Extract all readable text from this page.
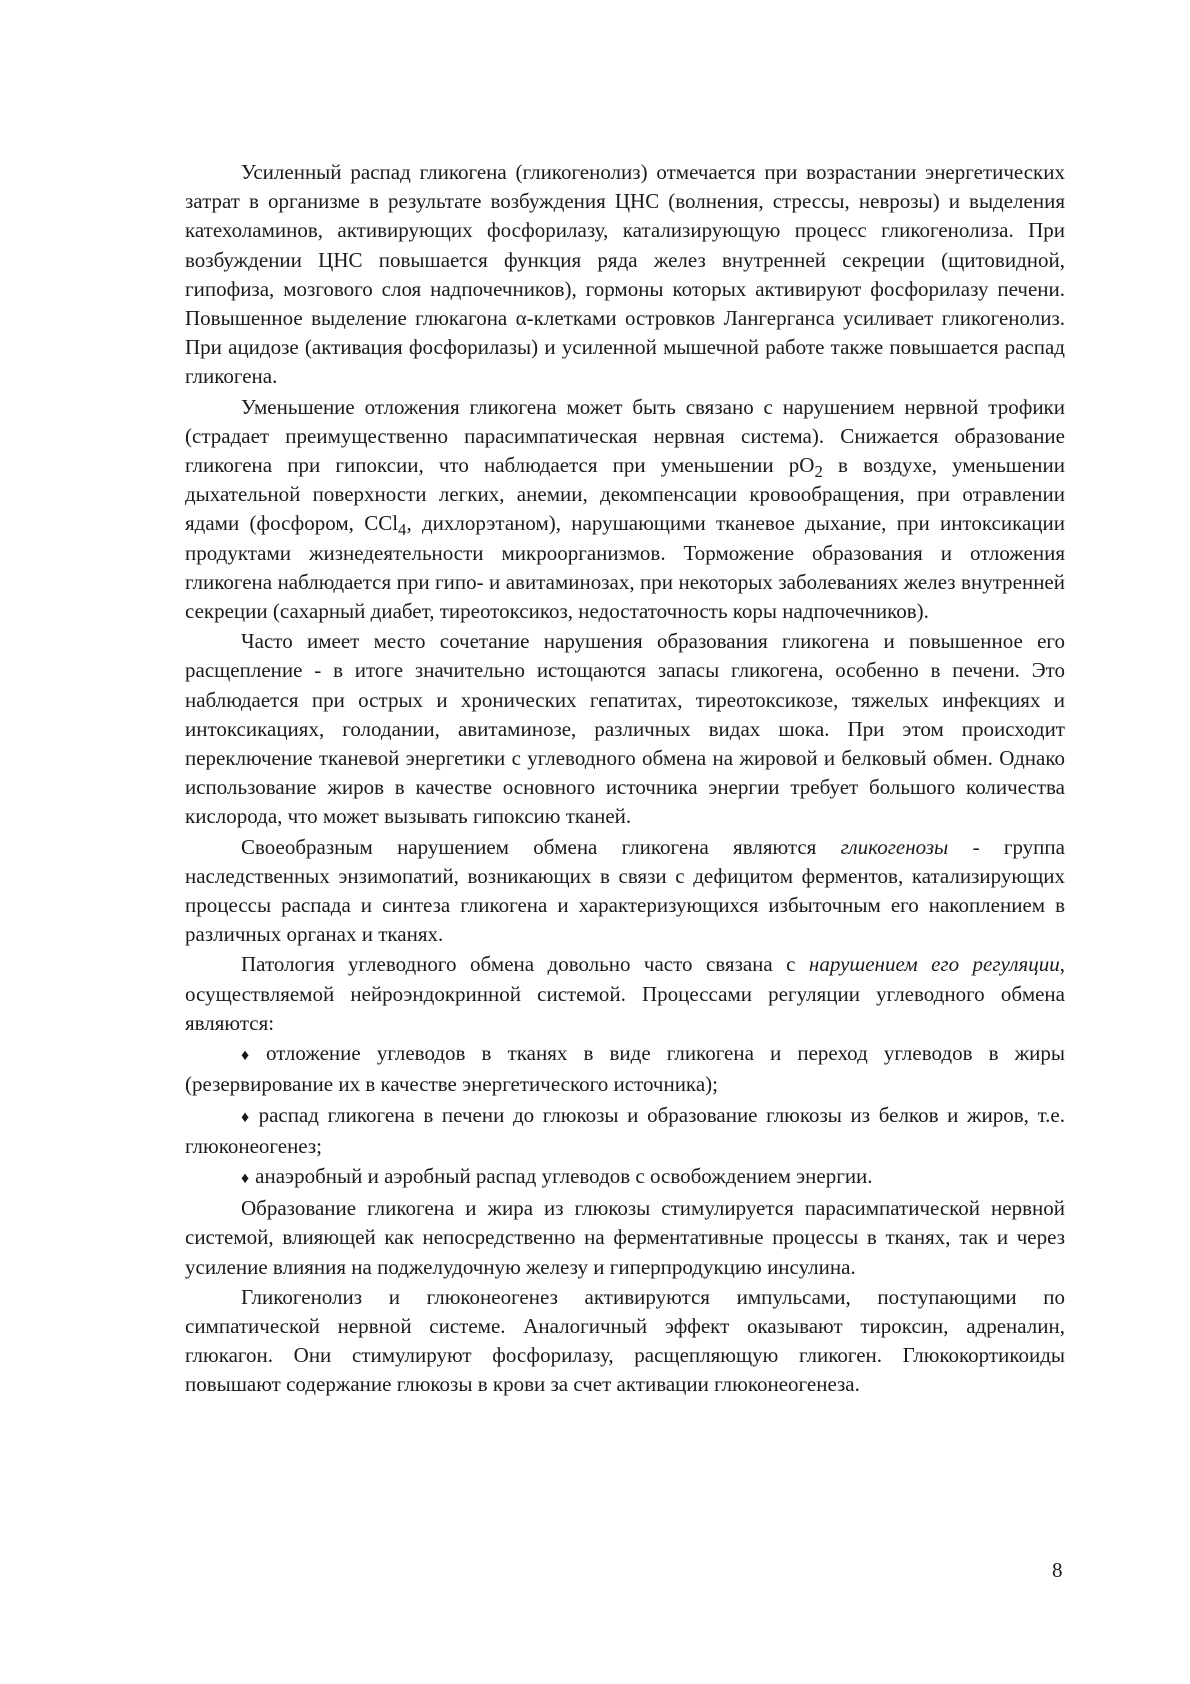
Усиленный распад гликогена (гликогенолиз) отмечается при возрастании энергетических затрат в организме в результате возбуждения ЦНС (волнения, стрессы, неврозы) и выделения катехоламинов, активирующих фосфорилазу, катализирующую процесс гликогенолиза. При возбуждении ЦНС повышается функция ряда желез внутренней секреции (щитовидной, гипофиза, мозгового слоя надпочечников), гормоны которых активируют фосфорилазу печени. Повышенное выделение глюкагона α-клетками островков Лангерганса усиливает гликогенолиз. При ацидозе (активация фосфорилазы) и усиленной мышечной работе также повышается распад гликогена.

Уменьшение отложения гликогена может быть связано с нарушением нервной трофики (страдает преимущественно парасимпатическая нервная система). Снижается образование гликогена при гипоксии, что наблюдается при уменьшении $pO_2$ в воздухе, уменьшении дыхательной поверхности легких, анемии, декомпенсации кровообращения, при отравлении ядами (фосфором, CCl$_4$, дихлорэтаном), нарушающими тканевое дыхание, при интоксикации продуктами жизнедеятельности микроорганизмов. Торможение образования и отложения гликогена наблюдается при гипо- и авитаминозах, при некоторых заболеваниях желез внутренней секреции (сахарный диабет, тиреотоксикоз, недостаточность коры надпочечников).

Часто имеет место сочетание нарушения образования гликогена и повышенное его расщепление - в итоге значительно истощаются запасы гликогена, особенно в печени. Это наблюдается при острых и хронических гепатитах, тиреотоксикозе, тяжелых инфекциях и интоксикациях, голодании, авитаминозе, различных видах шока. При этом происходит переключение тканевой энергетики с углеводного обмена на жировой и белковый обмен. Однако использование жиров в качестве основного источника энергии требует большого количества кислорода, что может вызывать гипоксию тканей.

Своеобразным нарушением обмена гликогена являются гликогенозы - группа наследственных энзимопатий, возникающих в связи с дефицитом ферментов, катализирующих процессы распада и синтеза гликогена и характеризующихся избыточным его накоплением в различных органах и тканях.

Патология углеводного обмена довольно часто связана с нарушением его регуляции, осуществляемой нейроэндокринной системой. Процессами регуляции углеводного обмена являются:

♦ отложение углеводов в тканях в виде гликогена и переход углеводов в жиры (резервирование их в качестве энергетического источника);

♦ распад гликогена в печени до глюкозы и образование глюкозы из белков и жиров, т.е. глюконеогенез;

♦ анаэробный и аэробный распад углеводов с освобождением энергии.

Образование гликогена и жира из глюкозы стимулируется парасимпатической нервной системой, влияющей как непосредственно на ферментативные процессы в тканях, так и через усиление влияния на поджелудочную железу и гиперпродукцию инсулина.

Гликогенолиз и глюконеогенез активируются импульсами, поступающими по симпатической нервной системе. Аналогичный эффект оказывают тироксин, адреналин, глюкагон. Они стимулируют фосфорилазу, расщепляющую гликоген. Глюкокортикоиды повышают содержание глюкозы в крови за счет активации глюконеогенеза.

8
